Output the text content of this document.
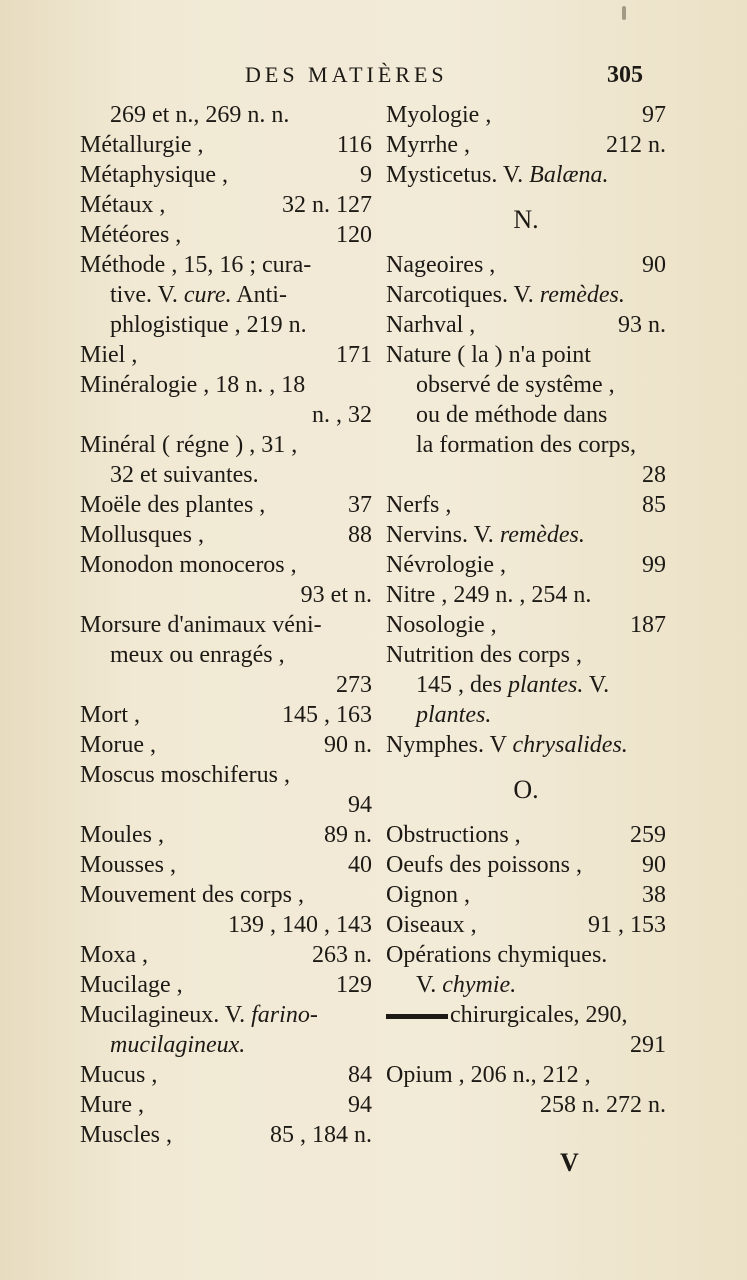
DES MATIÈRES	305
269 et n., 269 n. n.
Métallurgie ,	116
Métaphysique ,	9
Métaux ,	32 n. 127
Météores ,	120
Méthode , 15, 16 ; cura-
tive. V. cure. Anti-
phlogistique , 219 n.
Miel ,	171
Minéralogie , 18 n. , 18
n. , 32
Minéral ( régne ) , 31 ,
32 et suivantes.
Moële des plantes ,	37
Mollusques ,	88
Monodon monoceros ,
93 et n.
Morsure d'animaux véni-
meux ou enragés ,
273
Mort ,	145 , 163
Morue ,	90 n.
Moscus moschiferus ,
94
Moules ,	89 n.
Mousses ,	40
Mouvement des corps ,
139 , 140 , 143
Moxa ,	263 n.
Mucilage ,	129
Mucilagineux. V. farino-
mucilagineux.
Mucus ,	84
Mure ,	94
Muscles ,	85 , 184 n.
Myologie ,	97
Myrrhe ,	212 n.
Mysticetus. V. Balæna.
N.
Nageoires ,	90
Narcotiques. V. remèdes.
Narhval ,	93 n.
Nature ( la ) n'a point
observé de systême ,
ou de méthode dans
la formation des corps,
28
Nerfs ,	85
Nervins. V. remèdes.
Névrologie ,	99
Nitre , 249 n. , 254 n.
Nosologie ,	187
Nutrition des corps ,
145 , des plantes. V.
plantes.
Nymphes. V chrysalides.
O.
Obstructions ,	259
Oeufs des poissons ,	90
Oignon ,	38
Oiseaux ,	91 , 153
Opérations chymiques.
V. chymie.
chirurgicales, 290,
291
Opium , 206 n., 212 ,
258 n. 272 n.
V
